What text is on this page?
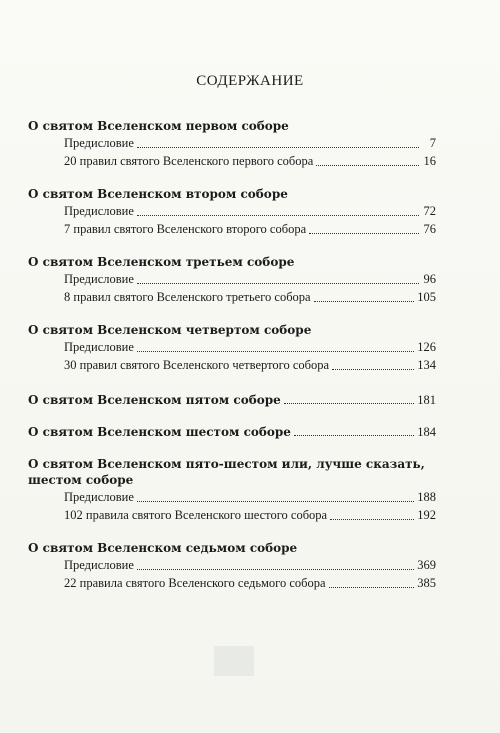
СОДЕРЖАНИЕ
О святом Вселенском первом соборе
Предисловие	7
20 правил святого Вселенского первого собора	16
О святом Вселенском втором соборе
Предисловие	72
7 правил святого Вселенского второго собора	76
О святом Вселенском третьем соборе
Предисловие	96
8 правил святого Вселенского третьего собора	105
О святом Вселенском четвертом соборе
Предисловие	126
30 правил святого Вселенского четвертого собора	134
О святом Вселенском пятом соборе	181
О святом Вселенском шестом соборе	184
О святом Вселенском пято-шестом или, лучше сказать,
шестом соборе
Предисловие	188
102 правила святого Вселенского шестого собора	192
О святом Вселенском седьмом соборе
Предисловие	369
22 правила святого Вселенского седьмого собора	385
